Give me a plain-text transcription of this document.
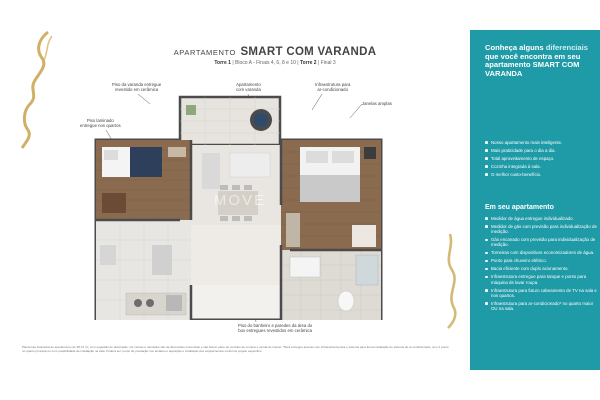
APARTAMENTO SMART COM VARANDA
Torre 1 | Bloco A - Finais 4, 6, 8 e 10 | Torre 2 | Final 3
Piso da varanda entregue
revestido em cerâmica
Apartamento
com varanda
Infraestrutura para
ar-condicionado
Janelas amplas
Piso laminado
entregue nos quartos
Piso do banheiro e paredes da área do
box entregues revestidos em cerâmica
MOVE
Planta tipo ilustrativa do apartamento de 38,74 m², com sugestão de decoração. Os móveis e utensílios são de dimensões comerciais e não fazem parte do contrato de compra e venda do imóvel. *Será entregue apenas com infraestrutura para o sistema para futura instalação de sistema de ar-condicionado, com 1 ponto no quarto principal ou com possibilidade de instalação na sala. Poderá ser: ponto de prestação nos andares e aquisição e instalação dos equipamentos conforme projeto específico.
Conheça alguns diferenciais que você encontra em seu apartamento SMART COM VARANDA
Nosso apartamento mais inteligente.
Mais praticidade para o dia a dia.
Total aproveitamento de espaço.
Cozinha integrada à sala.
O melhor custo-benefício.
Em seu apartamento
Medidor de água entregue individualizado.
Medidor de gás com previsão para individualização de medição.
Gás encanado com previsão para individualização de medição.
Torneiras com dispositivos economizadores de água.
Ponto para chuveiro elétrico.
Bacia eficiente com duplo acionamento.
Infraestrutura entregue para tanque e ponto para máquina de lavar roupa.
Infraestrutura para futuro cabeamento de TV na sala e nos quartos.
Infraestrutura para ar-condicionado* no quarto maior OU na sala.
